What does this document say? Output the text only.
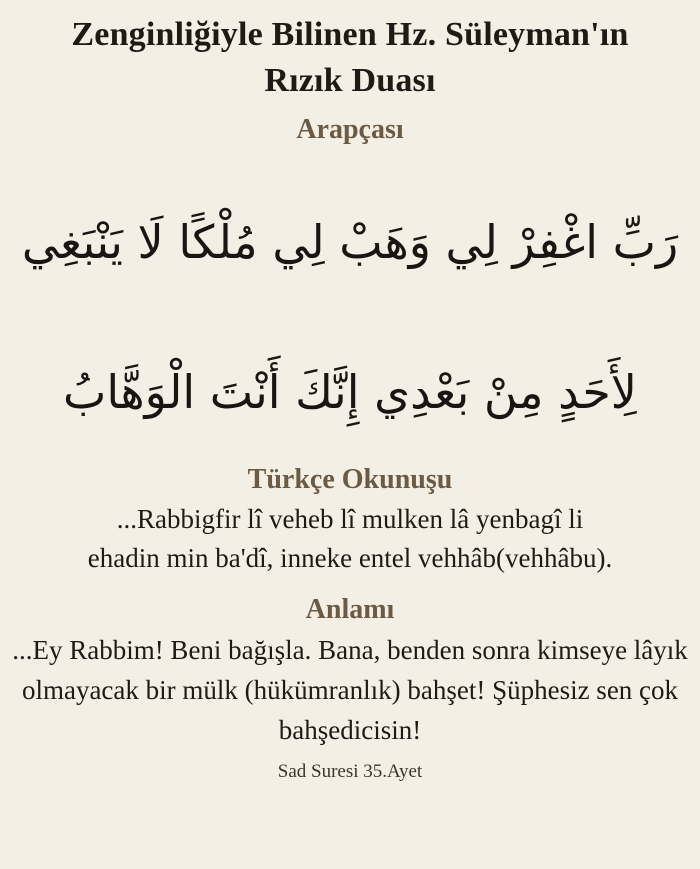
Zenginliğiyle Bilinen Hz. Süleyman'ın
Rızık Duası
Arapçası
رَبِّ اغْفِرْ لِي وَهَبْ لِي مُلْكًا لَا يَنْبَغِي
لِأَحَدٍ مِنْ بَعْدِي إِنَّكَ أَنْتَ الْوَهَّابُ
Türkçe Okunuşu
...Rabbigfir lî veheb lî mulken lâ yenbagî li ehadin min ba'dî, inneke entel vehhâb(vehhâbu).
Anlamı
...Ey Rabbim! Beni bağışla. Bana, benden sonra kimseye lâyık olmayacak bir mülk (hükümranlık) bahşet! Şüphesiz sen çok bahşedicisin!
Sad Suresi 35.Ayet
